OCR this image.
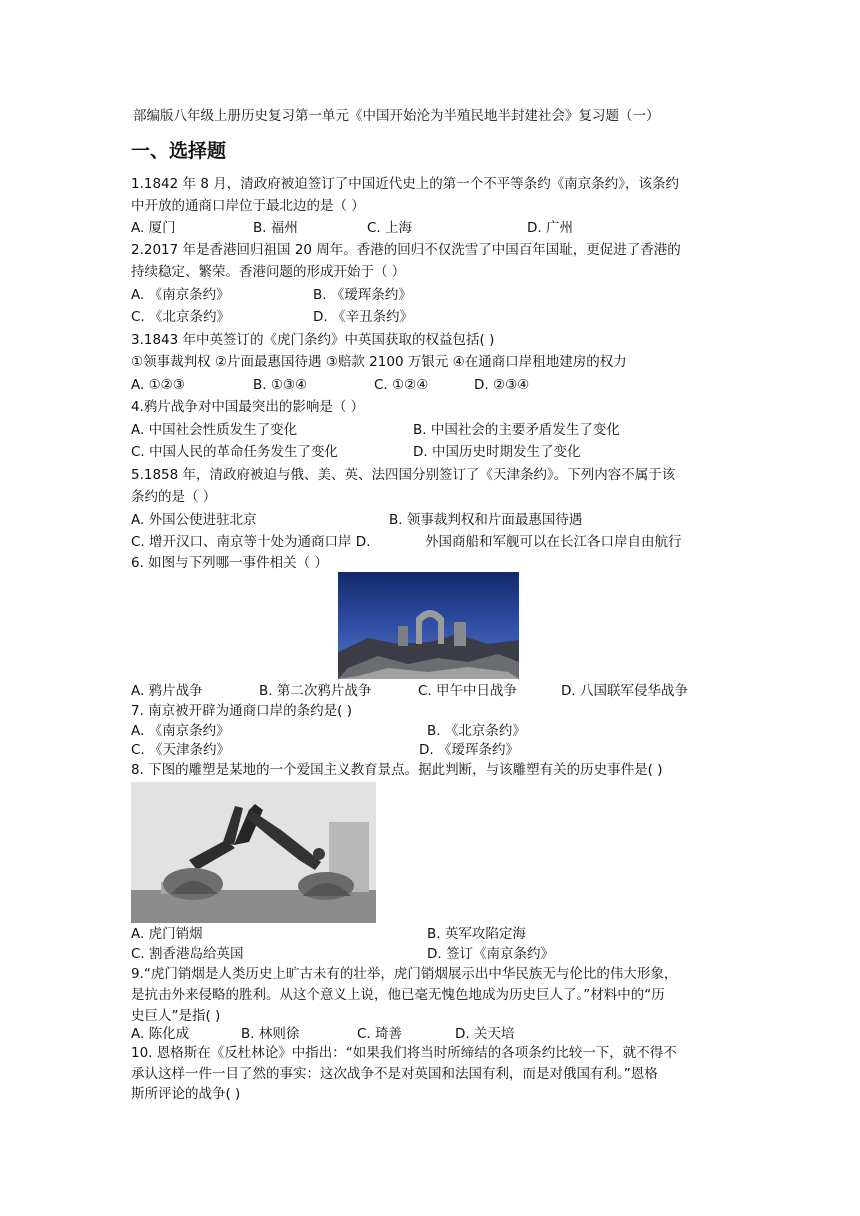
部编版八年级上册历史复习第一单元《中国开始沦为半殖民地半封建社会》复习题（一）
一、选择题
1.1842 年 8 月，清政府被迫签订了中国近代史上的第一个不平等条约《南京条约》，该条约
中开放的通商口岸位于最北边的是（ ）
A. 厦门	B. 福州	C. 上海	D. 广州
2.2017 年是香港回归祖国 20 周年。香港的回归不仅洗雪了中国百年国耻，更促进了香港的
持续稳定、繁荣。香港问题的形成开始于（ ）
A. 《南京条约》	B. 《瑷珲条约》
C. 《北京条约》	D. 《辛丑条约》
3.1843 年中英签订的《虎门条约》中英国获取的权益包括( )
①领事裁判权 ②片面最惠国待遇 ③赔款 2100 万银元 ④在通商口岸租地建房的权力
A. ①②③	B. ①③④	C. ①②④	D. ②③④
4.鸦片战争对中国最突出的影响是（ ）
A. 中国社会性质发生了变化	B. 中国社会的主要矛盾发生了变化
C. 中国人民的革命任务发生了变化	D. 中国历史时期发生了变化
5.1858 年，清政府被迫与俄、美、英、法四国分别签订了《天津条约》。下列内容不属于该
条约的是（ ）
A. 外国公使进驻北京	B. 领事裁判权和片面最惠国待遇
C. 增开汉口、南京等十处为通商口岸 D.	外国商船和军舰可以在长江各口岸自由航行
6. 如图与下列哪一事件相关（ ）
A. 鸦片战争	B. 第二次鸦片战争	C. 甲午中日战争	D. 八国联军侵华战争
7. 南京被开辟为通商口岸的条约是( )
A. 《南京条约》	B. 《北京条约》
C. 《天津条约》	D. 《瑷珲条约》
8. 下图的雕塑是某地的一个爱国主义教育景点。据此判断，与该雕塑有关的历史事件是( )
A. 虎门销烟	B. 英军攻陷定海
C. 割香港岛给英国	D. 签订《南京条约》
9.“虎门销烟是人类历史上旷古未有的壮举，虎门销烟展示出中华民族无与伦比的伟大形象，
是抗击外来侵略的胜利。从这个意义上说，他已毫无愧色地成为历史巨人了。”材料中的“历
史巨人”是指( )
A. 陈化成	B. 林则徐	C. 琦善	D. 关天培
10. 恩格斯在《反杜林论》中指出：“如果我们将当时所缔结的各项条约比较一下，就不得不
承认这样一件一目了然的事实：这次战争不是对英国和法国有利，而是对俄国有利。”恩格
斯所评论的战争( )
